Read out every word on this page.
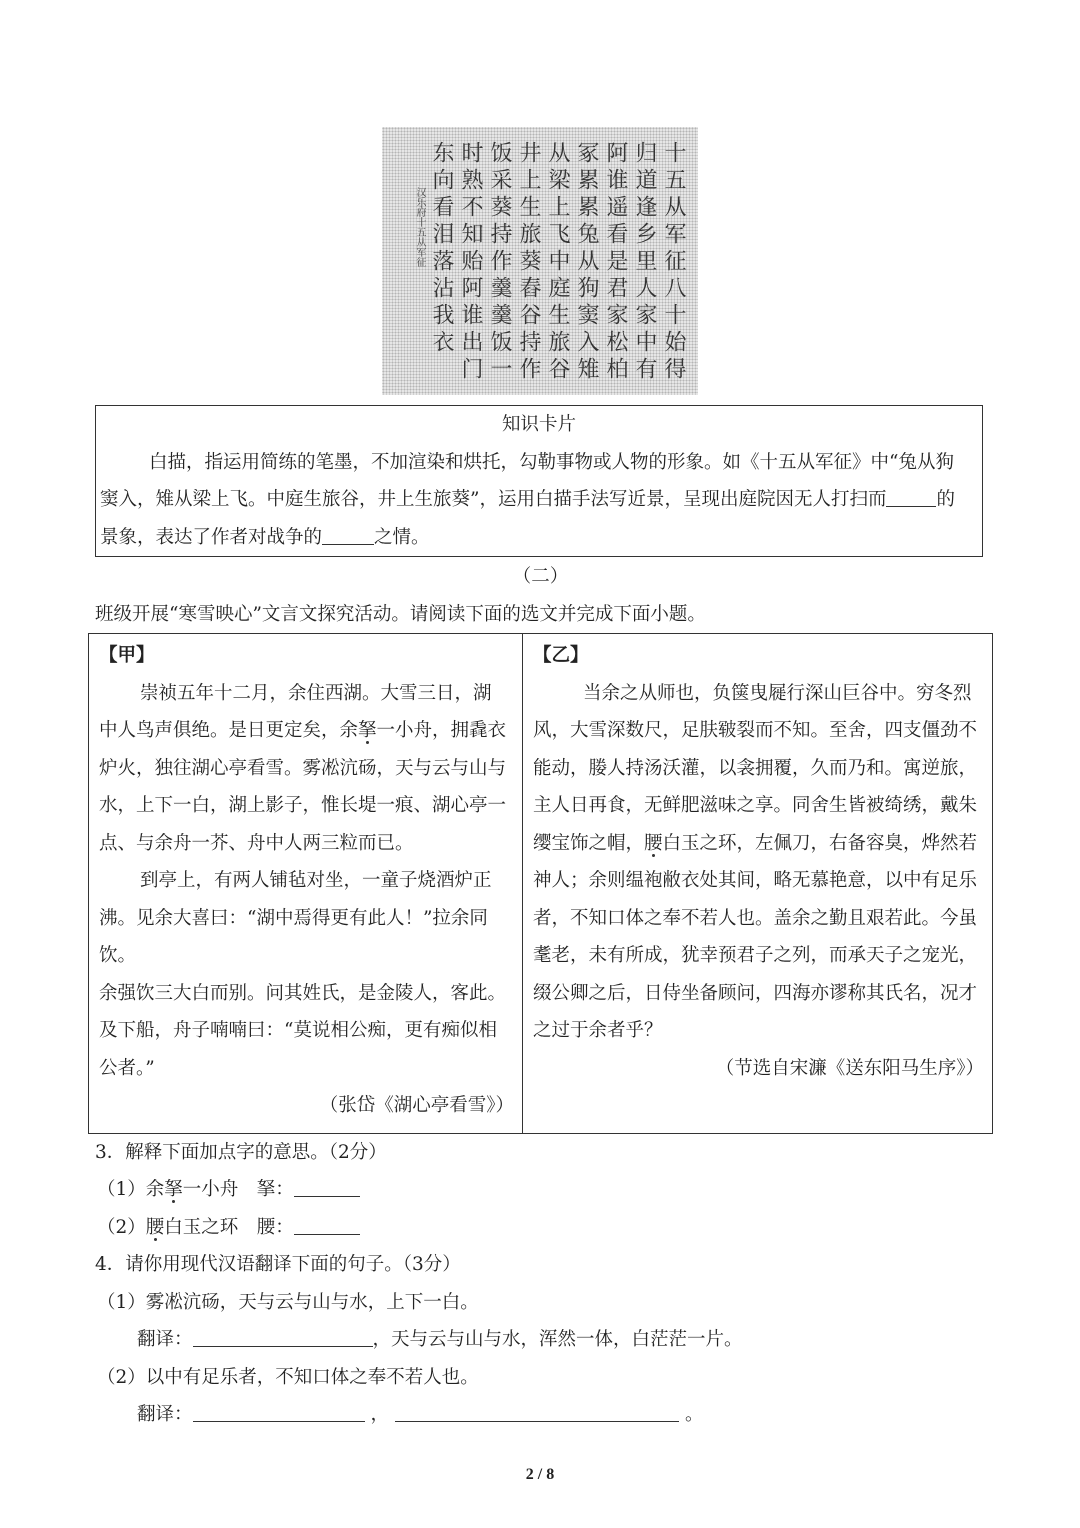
十五从军征八十始得
归道逢乡里人家中有
阿谁遥看是君家松柏
冢累累兔从狗窦入雉
从梁上飞中庭生旅谷
井上生旅葵舂谷持作
饭采葵持作羹羹饭一
时熟不知贻阿谁出门
东向看泪落沾我衣
汉乐府十五从军征
知识卡片
白描，指运用简练的笔墨，不加渲染和烘托，勾勒事物或人物的形象。如《十五从军征》中“兔从狗
窦入，雉从梁上飞。中庭生旅谷，井上生旅葵”，运用白描手法写近景，呈现出庭院因无人打扫而	的
景象，表达了作者对战争的	之情。
（二）
班级开展“寒雪映心”文言文探究活动。请阅读下面的选文并完成下面小题。
【甲】
崇祯五年十二月，余住西湖。大雪三日，湖
中人鸟声俱绝。是日更定矣，余拏一小舟，拥毳衣
炉火，独往湖心亭看雪。雾凇沆砀，天与云与山与
水，上下一白，湖上影子，惟长堤一痕、湖心亭一
点、与余舟一芥、舟中人两三粒而已。
到亭上，有两人铺毡对坐，一童子烧酒炉正
沸。见余大喜曰：“湖中焉得更有此人！”拉余同饮。
余强饮三大白而别。问其姓氏，是金陵人，客此。
及下船，舟子喃喃曰：“莫说相公痴，更有痴似相
公者。”
（张岱《湖心亭看雪》）
【乙】
当余之从师也，负箧曳屣行深山巨谷中。穷冬烈
风，大雪深数尺，足肤皲裂而不知。至舍，四支僵劲不
能动，媵人持汤沃灌，以衾拥覆，久而乃和。寓逆旅，
主人日再食，无鲜肥滋味之享。同舍生皆被绮绣，戴朱
缨宝饰之帽，腰白玉之环，左佩刀，右备容臭，烨然若
神人；余则缊袍敝衣处其间，略无慕艳意，以中有足乐
者，不知口体之奉不若人也。盖余之勤且艰若此。今虽
耄老，未有所成，犹幸预君子之列，而承天子之宠光，
缀公卿之后，日侍坐备顾问，四海亦谬称其氏名，况才
之过于余者乎？
（节选自宋濂《送东阳马生序》）
3．解释下面加点字的意思。（2分）
（1）余拏一小舟　拏：
（2）腰白玉之环　腰：
4．请你用现代汉语翻译下面的句子。（3分）
（1）雾凇沆砀，天与云与山与水，上下一白。
翻译：	，天与云与山与水，浑然一体，白茫茫一片。
（2）以中有足乐者，不知口体之奉不若人也。
翻译：	，	。
2 / 8
